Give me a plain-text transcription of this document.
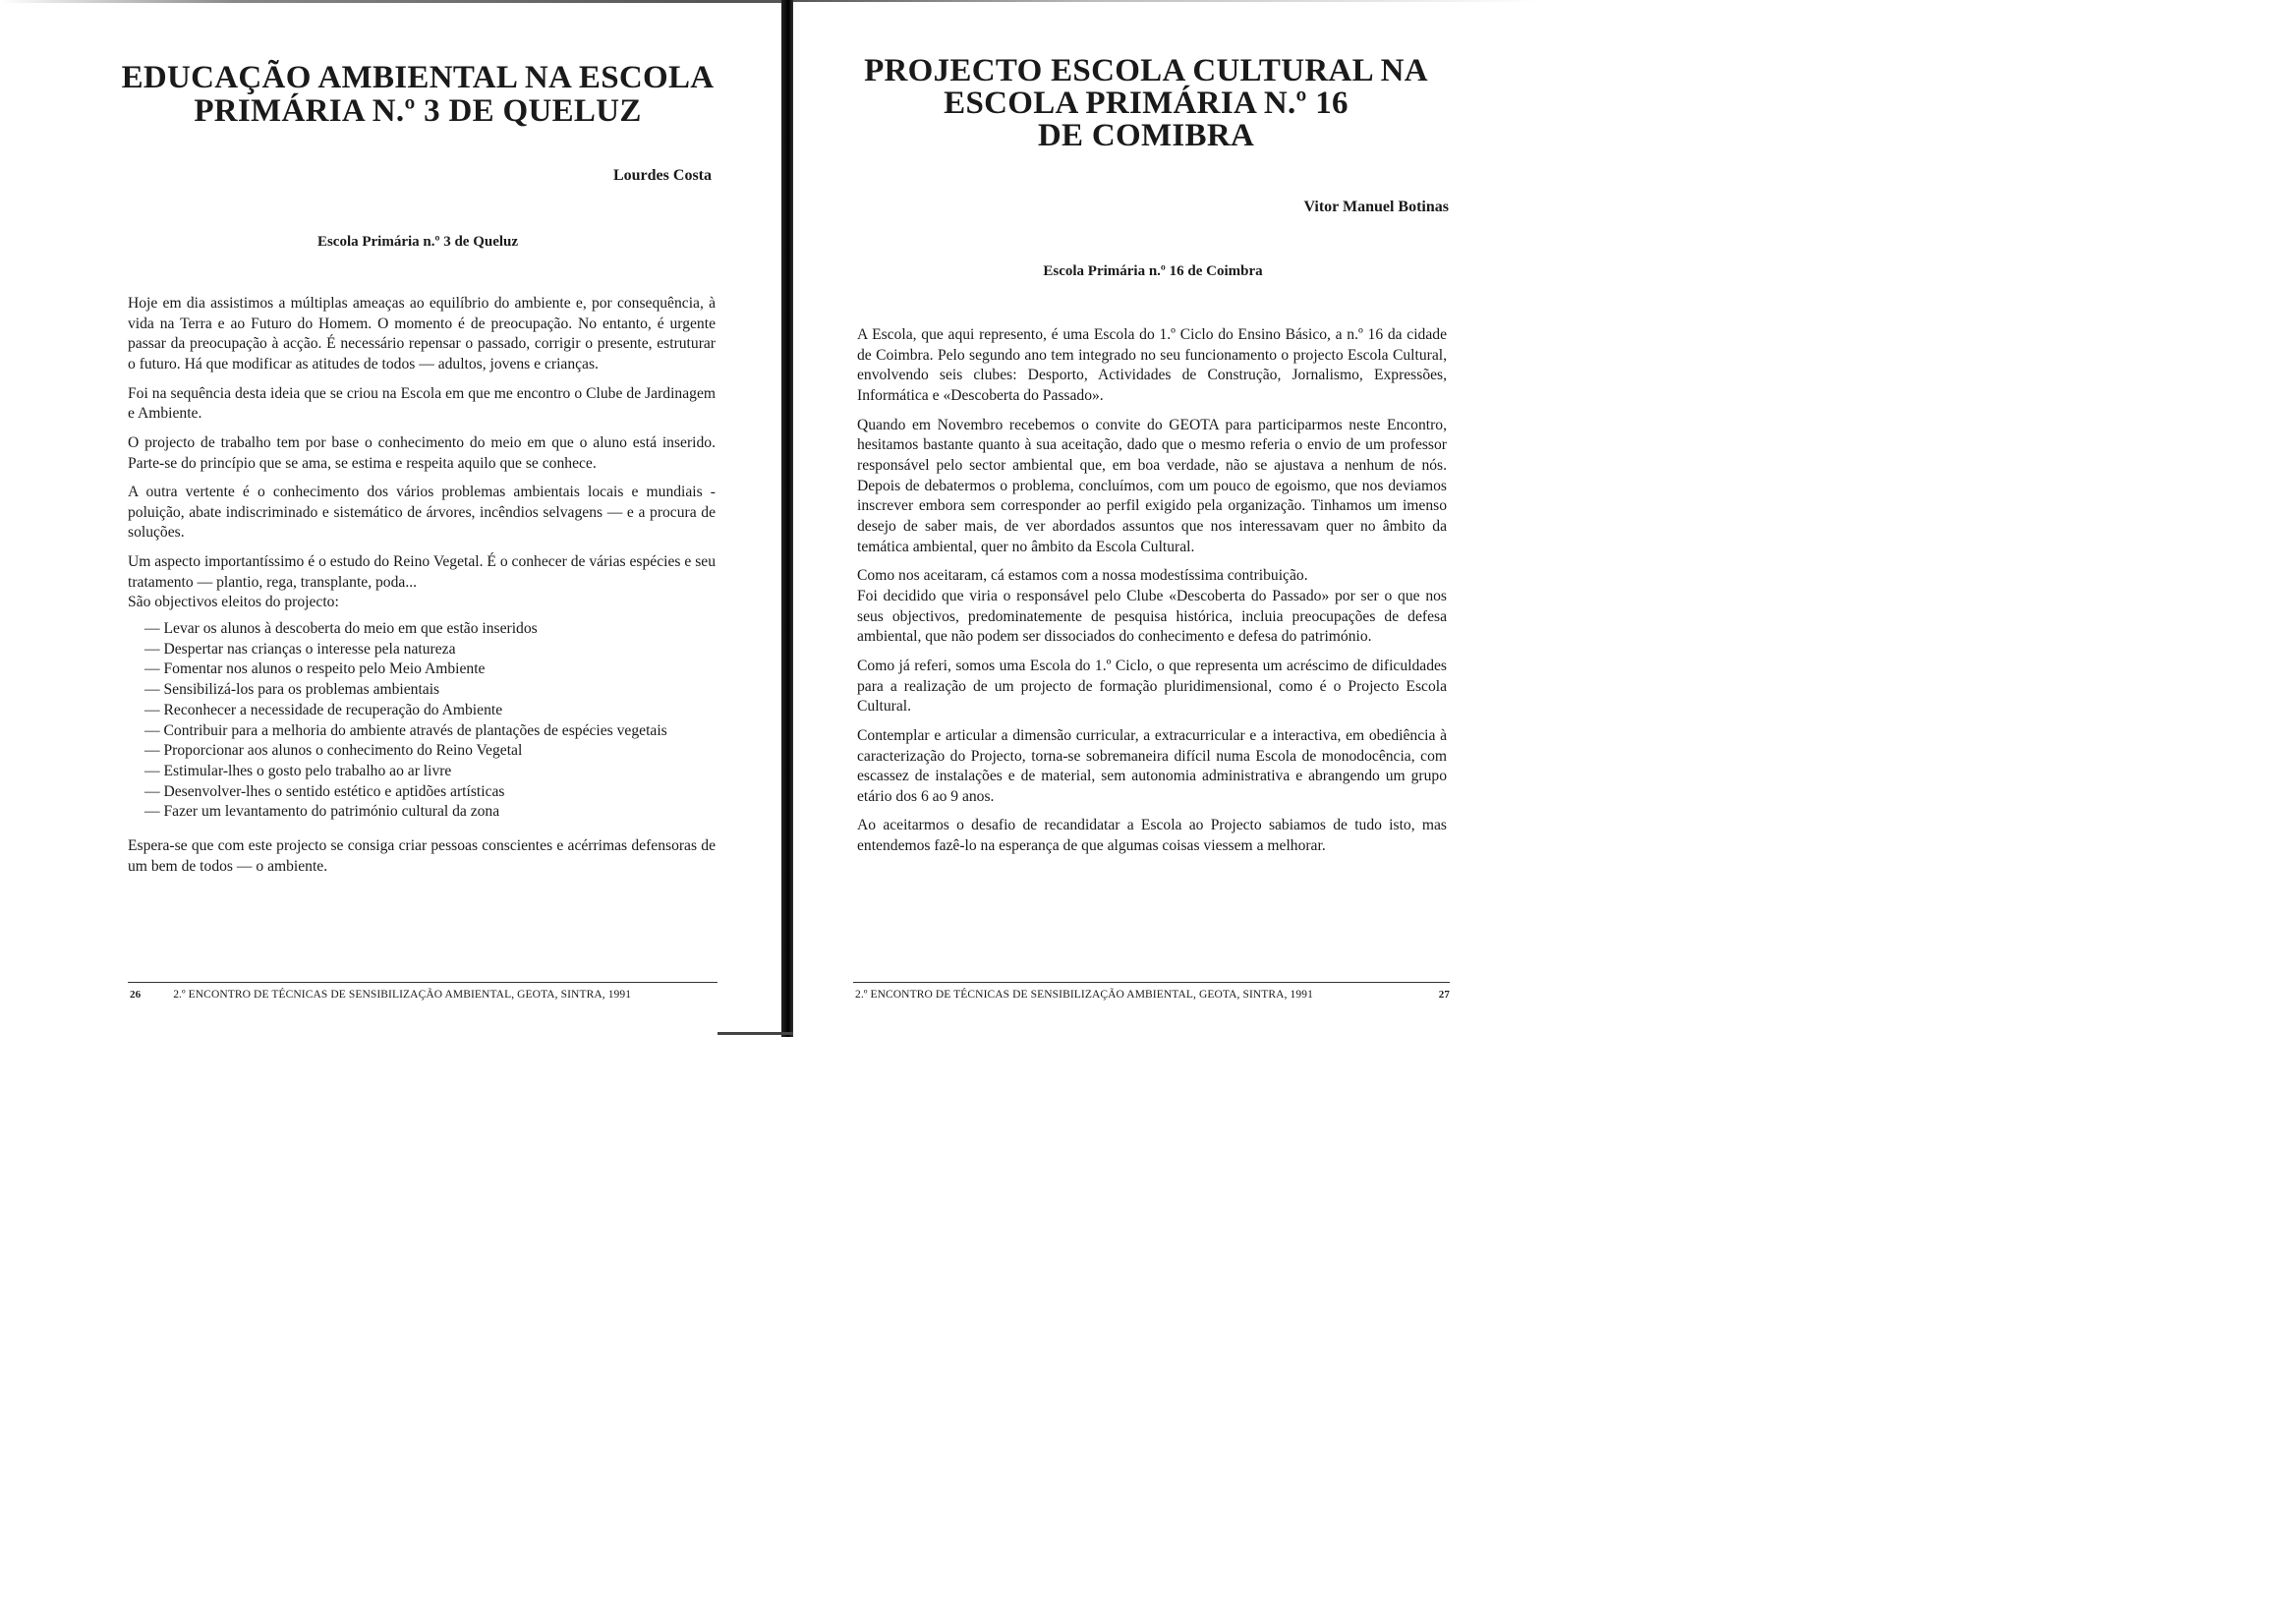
EDUCAÇÃO AMBIENTAL NA ESCOLA
PRIMÁRIA N.º 3 DE QUELUZ

Lourdes Costa

Escola Primária n.º 3 de Queluz

Hoje em dia assistimos a múltiplas ameaças ao equilíbrio do ambiente e, por consequência, à vida na Terra e ao Futuro do Homem. O momento é de preocupação. No entanto, é urgente passar da preocupação à acção. É necessário repensar o passado, corrigir o presente, estruturar o futuro. Há que modificar as atitudes de todos — adultos, jovens e crianças.

Foi na sequência desta ideia que se criou na Escola em que me encontro o Clube de Jardinagem e Ambiente.

O projecto de trabalho tem por base o conhecimento do meio em que o aluno está inserido. Parte-se do princípio que se ama, se estima e respeita aquilo que se conhece.

A outra vertente é o conhecimento dos vários problemas ambientais locais e mundiais - poluição, abate indiscriminado e sistemático de árvores, incêndios selvagens — e a procura de soluções.

Um aspecto importantíssimo é o estudo do Reino Vegetal. É o conhecer de várias espécies e seu tratamento — plantio, rega, transplante, poda...

São objectivos eleitos do projecto:

— Levar os alunos à descoberta do meio em que estão inseridos
— Despertar nas crianças o interesse pela natureza
— Fomentar nos alunos o respeito pelo Meio Ambiente
— Sensibilizá-los para os problemas ambientais
— Reconhecer a necessidade de recuperação do Ambiente
— Contribuir para a melhoria do ambiente através de plantações de espécies vegetais
— Proporcionar aos alunos o conhecimento do Reino Vegetal
— Estimular-lhes o gosto pelo trabalho ao ar livre
— Desenvolver-lhes o sentido estético e aptidões artísticas
— Fazer um levantamento do património cultural da zona

Espera-se que com este projecto se consiga criar pessoas conscientes e acérrimas defensoras de um bem de todos — o ambiente.

26	2.º ENCONTRO DE TÉCNICAS DE SENSIBILIZAÇÃO AMBIENTAL, GEOTA, SINTRA, 1991
PROJECTO ESCOLA CULTURAL NA
ESCOLA PRIMÁRIA N.º 16
DE COMIBRA

Vitor Manuel Botinas

Escola Primária n.º 16 de Coimbra

A Escola, que aqui represento, é uma Escola do 1.º Ciclo do Ensino Básico, a n.º 16 da cidade de Coimbra. Pelo segundo ano tem integrado no seu funcionamento o projecto Escola Cultural, envolvendo seis clubes: Desporto, Actividades de Construção, Jornalismo, Expressões, Informática e «Descoberta do Passado».

Quando em Novembro recebemos o convite do GEOTA para participarmos neste Encontro, hesitamos bastante quanto à sua aceitação, dado que o mesmo referia o envio de um professor responsável pelo sector ambiental que, em boa verdade, não se ajustava a nenhum de nós. Depois de debatermos o problema, concluímos, com um pouco de egoismo, que nos deviamos inscrever embora sem corresponder ao perfil exigido pela organização. Tinhamos um imenso desejo de saber mais, de ver abordados assuntos que nos interessavam quer no âmbito da temática ambiental, quer no âmbito da Escola Cultural.

Como nos aceitaram, cá estamos com a nossa modestíssima contribuição.

Foi decidido que viria o responsável pelo Clube «Descoberta do Passado» por ser o que nos seus objectivos, predominatemente de pesquisa histórica, incluia preocupações de defesa ambiental, que não podem ser dissociados do conhecimento e defesa do património.

Como já referi, somos uma Escola do 1.º Ciclo, o que representa um acréscimo de dificuldades para a realização de um projecto de formação pluridimensional, como é o Projecto Escola Cultural.

Contemplar e articular a dimensão curricular, a extracurricular e a interactiva, em obediência à caracterização do Projecto, torna-se sobremaneira difícil numa Escola de monodocência, com escassez de instalações e de material, sem autonomia administrativa e abrangendo um grupo etário dos 6 ao 9 anos.

Ao aceitarmos o desafio de recandidatar a Escola ao Projecto sabiamos de tudo isto, mas entendemos fazê-lo na esperança de que algumas coisas viessem a melhorar.

2.º ENCONTRO DE TÉCNICAS DE SENSIBILIZAÇÃO AMBIENTAL, GEOTA, SINTRA, 1991	27
